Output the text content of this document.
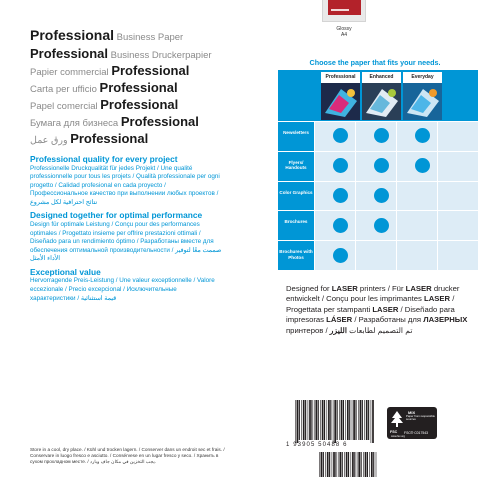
Glossy
A4
Professional Business Paper
Professional Business Druckerpapier
Papier commercial Professional
Carta per ufficio Professional
Papel comercial Professional
Бумага для бизнеса Professional
ورق عمل Professional
Professional quality for every project
Professionelle Druckqualität für jedes Projekt / Une qualité professionnelle pour tous les projets / Qualità professionale per ogni progetto / Calidad profesional en cada proyecto / Профессиональное качество при выполнении любых проектов / نتائج احترافية لكل مشروع
Designed together for optimal performance
Design für optimale Leistung / Conçu pour des performances optimales / Progettato insieme per offrire prestazioni ottimali / Diseñado para un rendimiento óptimo / Разработаны вместе для обеспечения оптимальной производительности / صممت معًا لتوفير الأداء الأمثل
Exceptional value
Hervorragende Preis-Leistung / Une valeur exceptionnelle / Valore eccezionale / Precio excepcional / Исключительные характеристики / قيمة استثنائية
Store in a cool, dry place. / Kühl und trocken lagern. / Conserver dans un endroit sec et frais. / Conservare in luogo fresco e asciutto. / Consérvese en un lugar fresco y seco. / Хранить в сухом прохладном месте. / يجب التخزين في مكان جاف وبارد.
Choose the paper that fits your needs.
Professional	Enhanced	Everyday
Newsletters
Flyers/ Handouts
Color Graphics
Brochures
Brochures with Photos
Designed for LASER printers / Für LASER drucker entwickelt / Conçu pour les imprimantes LASER / Progettata per stampanti LASER / Diseñado para impresoras LÁSER / Разработаны для ЛАЗЕРНЫХ принтеров / تم التصميم لطابعات الليزر
1 93905 50488 6
MIX
Paper from responsible sources
FSC FSC® C017543
www.fsc.org
